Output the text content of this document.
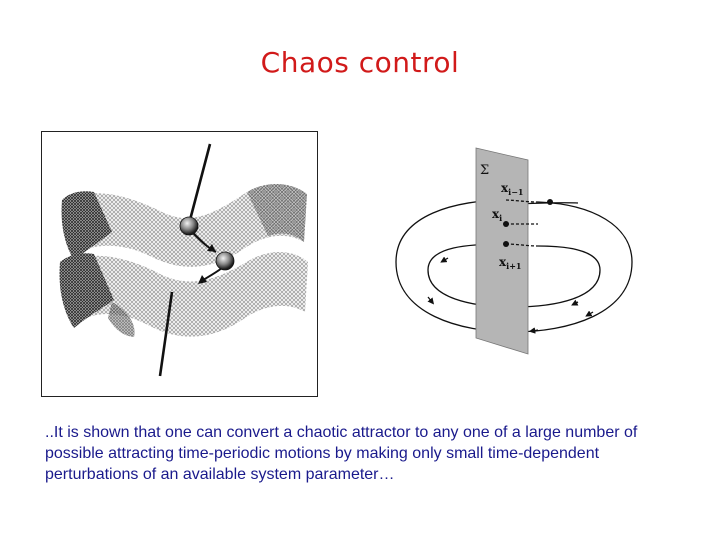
Chaos control
Σ
$x_{i-1}$
$x_i$
$x_{i+1}$
..It is shown that one can convert a chaotic attractor to any one of a large number of possible attracting time-periodic motions by making only small time-dependent perturbations of an available system parameter…
